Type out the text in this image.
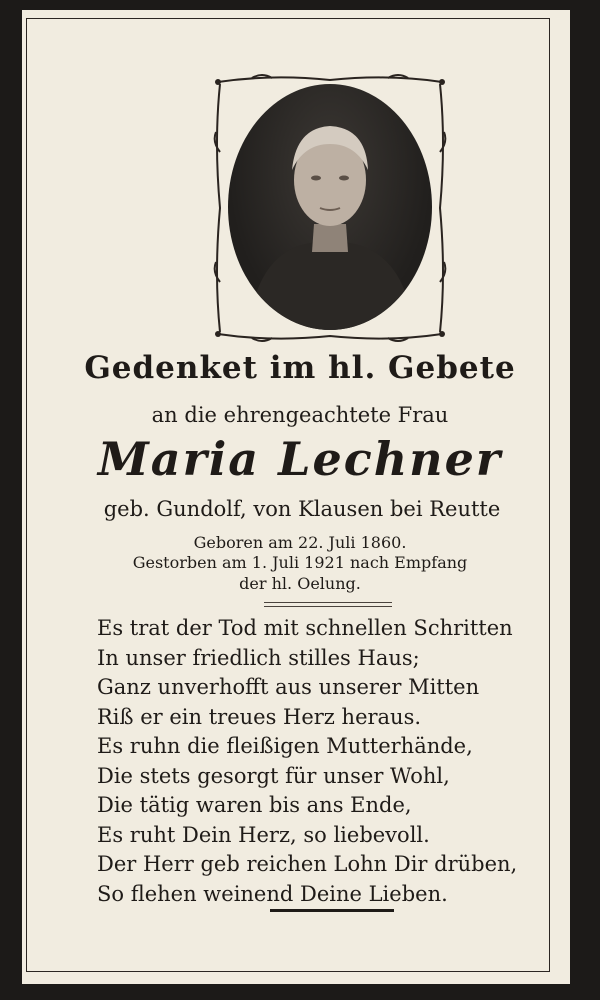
Gedenket im hl. Gebete
an die ehrengeachtete Frau
Maria Lechner
geb. Gundolf, von Klausen bei Reutte
Geboren am 22. Juli 1860.
Gestorben am 1. Juli 1921 nach Empfang
der hl. Oelung.
Es trat der Tod mit schnellen Schritten
In unser friedlich stilles Haus;
Ganz unverhofft aus unserer Mitten
Riß er ein treues Herz heraus.
Es ruhn die fleißigen Mutterhände,
Die stets gesorgt für unser Wohl,
Die tätig waren bis ans Ende,
Es ruht Dein Herz, so liebevoll.
Der Herr geb reichen Lohn Dir drüben,
So flehen weinend Deine Lieben.
